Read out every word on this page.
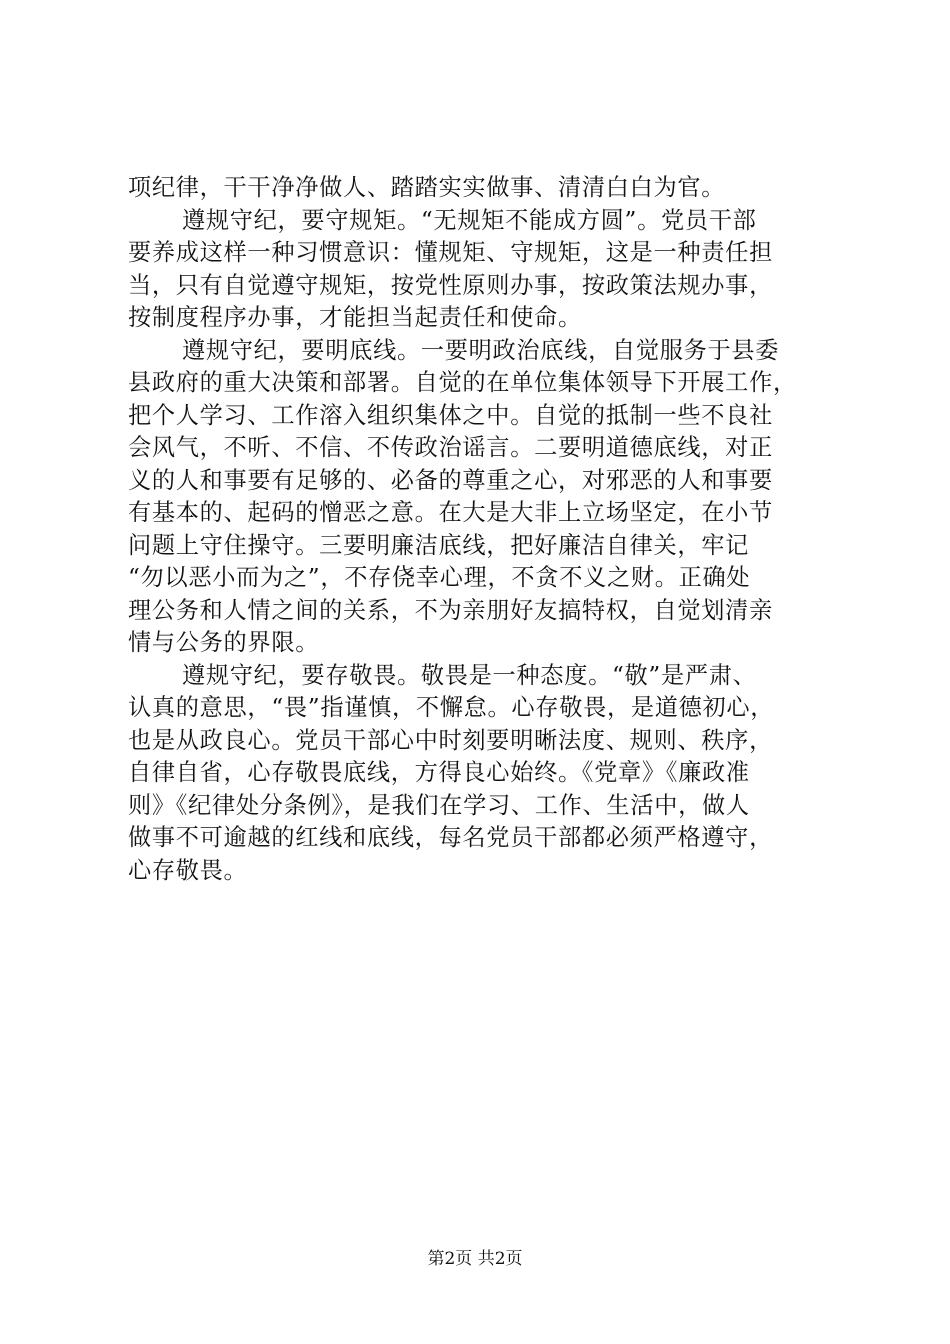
项纪律，干干净净做人、踏踏实实做事、清清白白为官。
遵规守纪，要守规矩。“无规矩不能成方圆”。党员干部
要养成这样一种习惯意识：懂规矩、守规矩，这是一种责任担
当，只有自觉遵守规矩，按党性原则办事，按政策法规办事，
按制度程序办事，才能担当起责任和使命。
遵规守纪，要明底线。一要明政治底线，自觉服务于县委
县政府的重大决策和部署。自觉的在单位集体领导下开展工作，
把个人学习、工作溶入组织集体之中。自觉的抵制一些不良社
会风气，不听、不信、不传政治谣言。二要明道德底线，对正
义的人和事要有足够的、必备的尊重之心，对邪恶的人和事要
有基本的、起码的憎恶之意。在大是大非上立场坚定，在小节
问题上守住操守。三要明廉洁底线，把好廉洁自律关，牢记
“勿以恶小而为之”，不存侥幸心理，不贪不义之财。正确处
理公务和人情之间的关系，不为亲朋好友搞特权，自觉划清亲
情与公务的界限。
遵规守纪，要存敬畏。敬畏是一种态度。“敬”是严肃、
认真的意思，“畏”指谨慎，不懈怠。心存敬畏，是道德初心，
也是从政良心。党员干部心中时刻要明晰法度、规则、秩序，
自律自省，心存敬畏底线，方得良心始终。《党章》《廉政准
则》《纪律处分条例》，是我们在学习、工作、生活中，做人
做事不可逾越的红线和底线，每名党员干部都必须严格遵守，
心存敬畏。
第2页 共2页
